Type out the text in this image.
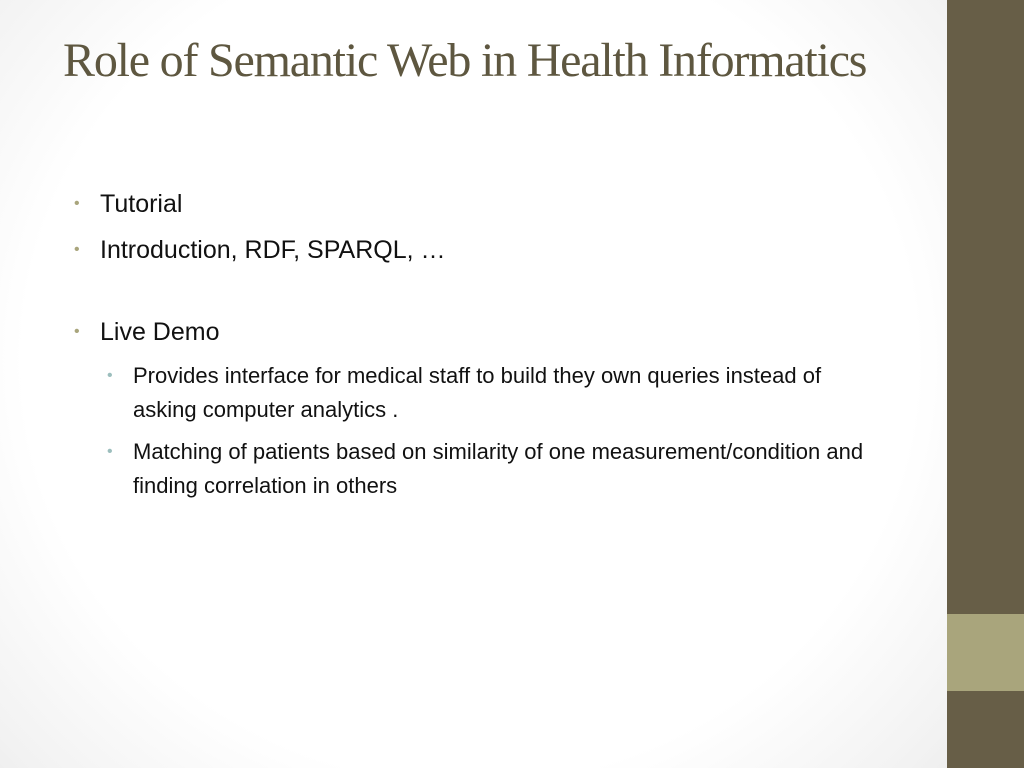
Role of Semantic Web in Health Informatics
• Tutorial
• Introduction, RDF, SPARQL, …
• Live Demo
• Provides interface for medical staff to build they own queries instead of asking computer analytics .
• Matching of patients based on similarity of one measurement/condition and finding correlation in others
